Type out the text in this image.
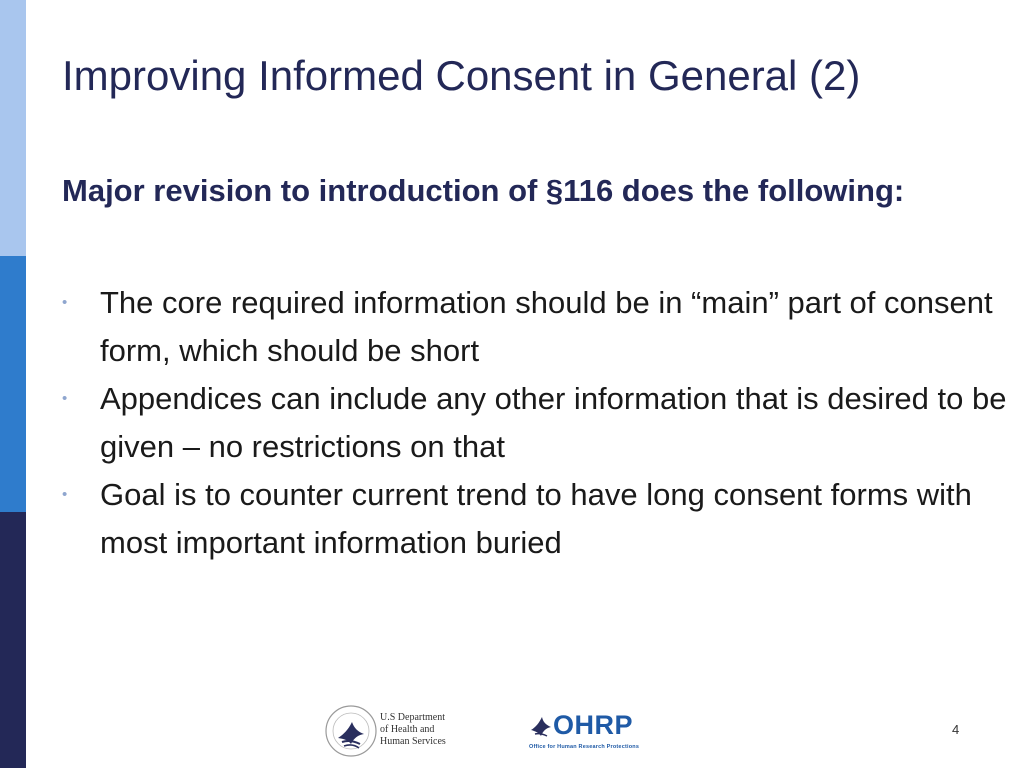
Improving Informed Consent in General (2)
Major revision to introduction of §116 does the following:
• The core required information should be in “main” part of consent form, which should be short
• Appendices can include any other information that is desired to be given – no restrictions on that
• Goal is to counter current trend to have long consent forms with most important information buried
U.S Department
of Health and
Human Services
OHRP
Office for Human Research Protections
4
